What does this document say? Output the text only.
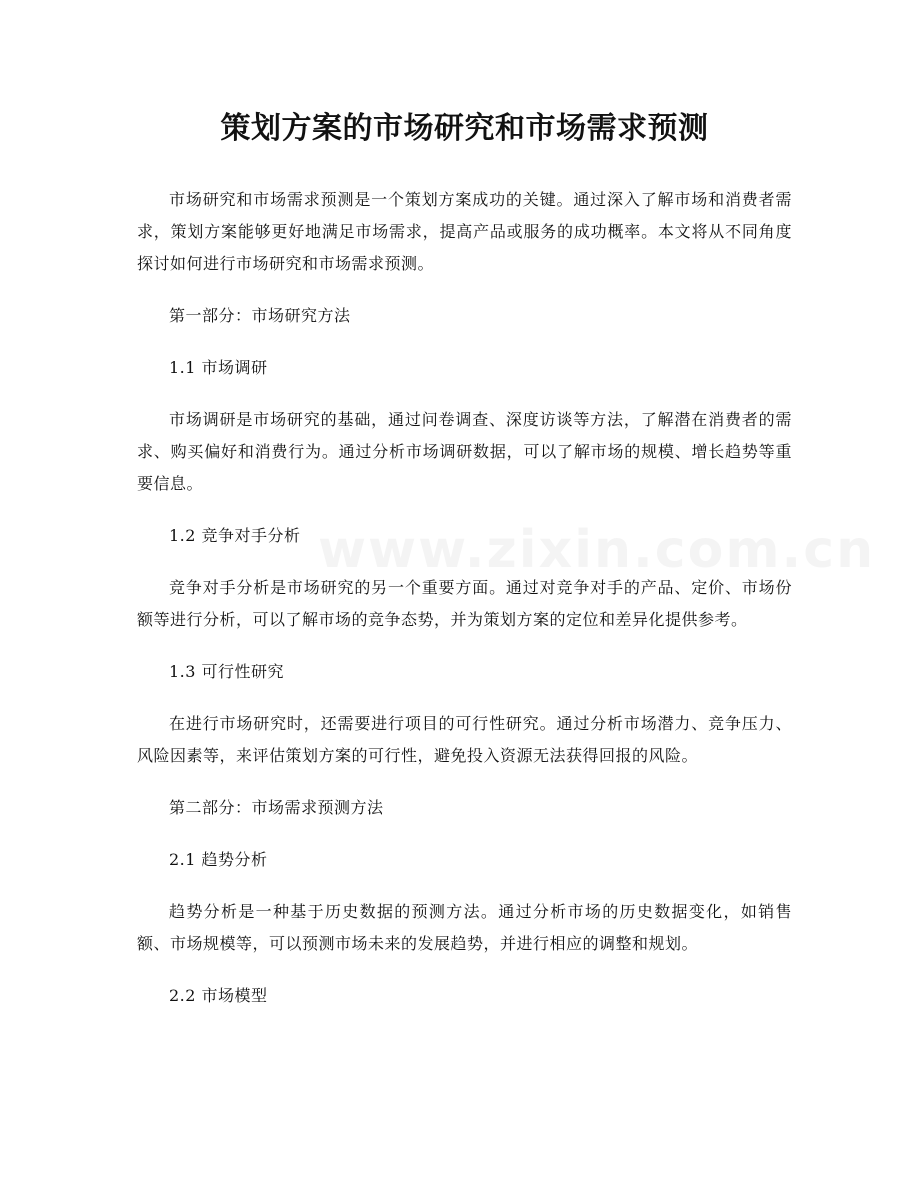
策划方案的市场研究和市场需求预测

市场研究和市场需求预测是一个策划方案成功的关键。通过深入了解市场和消费者需求，策划方案能够更好地满足市场需求，提高产品或服务的成功概率。本文将从不同角度探讨如何进行市场研究和市场需求预测。

第一部分：市场研究方法

1.1 市场调研

市场调研是市场研究的基础，通过问卷调查、深度访谈等方法，了解潜在消费者的需求、购买偏好和消费行为。通过分析市场调研数据，可以了解市场的规模、增长趋势等重要信息。

1.2 竞争对手分析

竞争对手分析是市场研究的另一个重要方面。通过对竞争对手的产品、定价、市场份额等进行分析，可以了解市场的竞争态势，并为策划方案的定位和差异化提供参考。

1.3 可行性研究

在进行市场研究时，还需要进行项目的可行性研究。通过分析市场潜力、竞争压力、风险因素等，来评估策划方案的可行性，避免投入资源无法获得回报的风险。

第二部分：市场需求预测方法

2.1 趋势分析

趋势分析是一种基于历史数据的预测方法。通过分析市场的历史数据变化，如销售额、市场规模等，可以预测市场未来的发展趋势，并进行相应的调整和规划。

2.2 市场模型

www.zixin.com.cn
